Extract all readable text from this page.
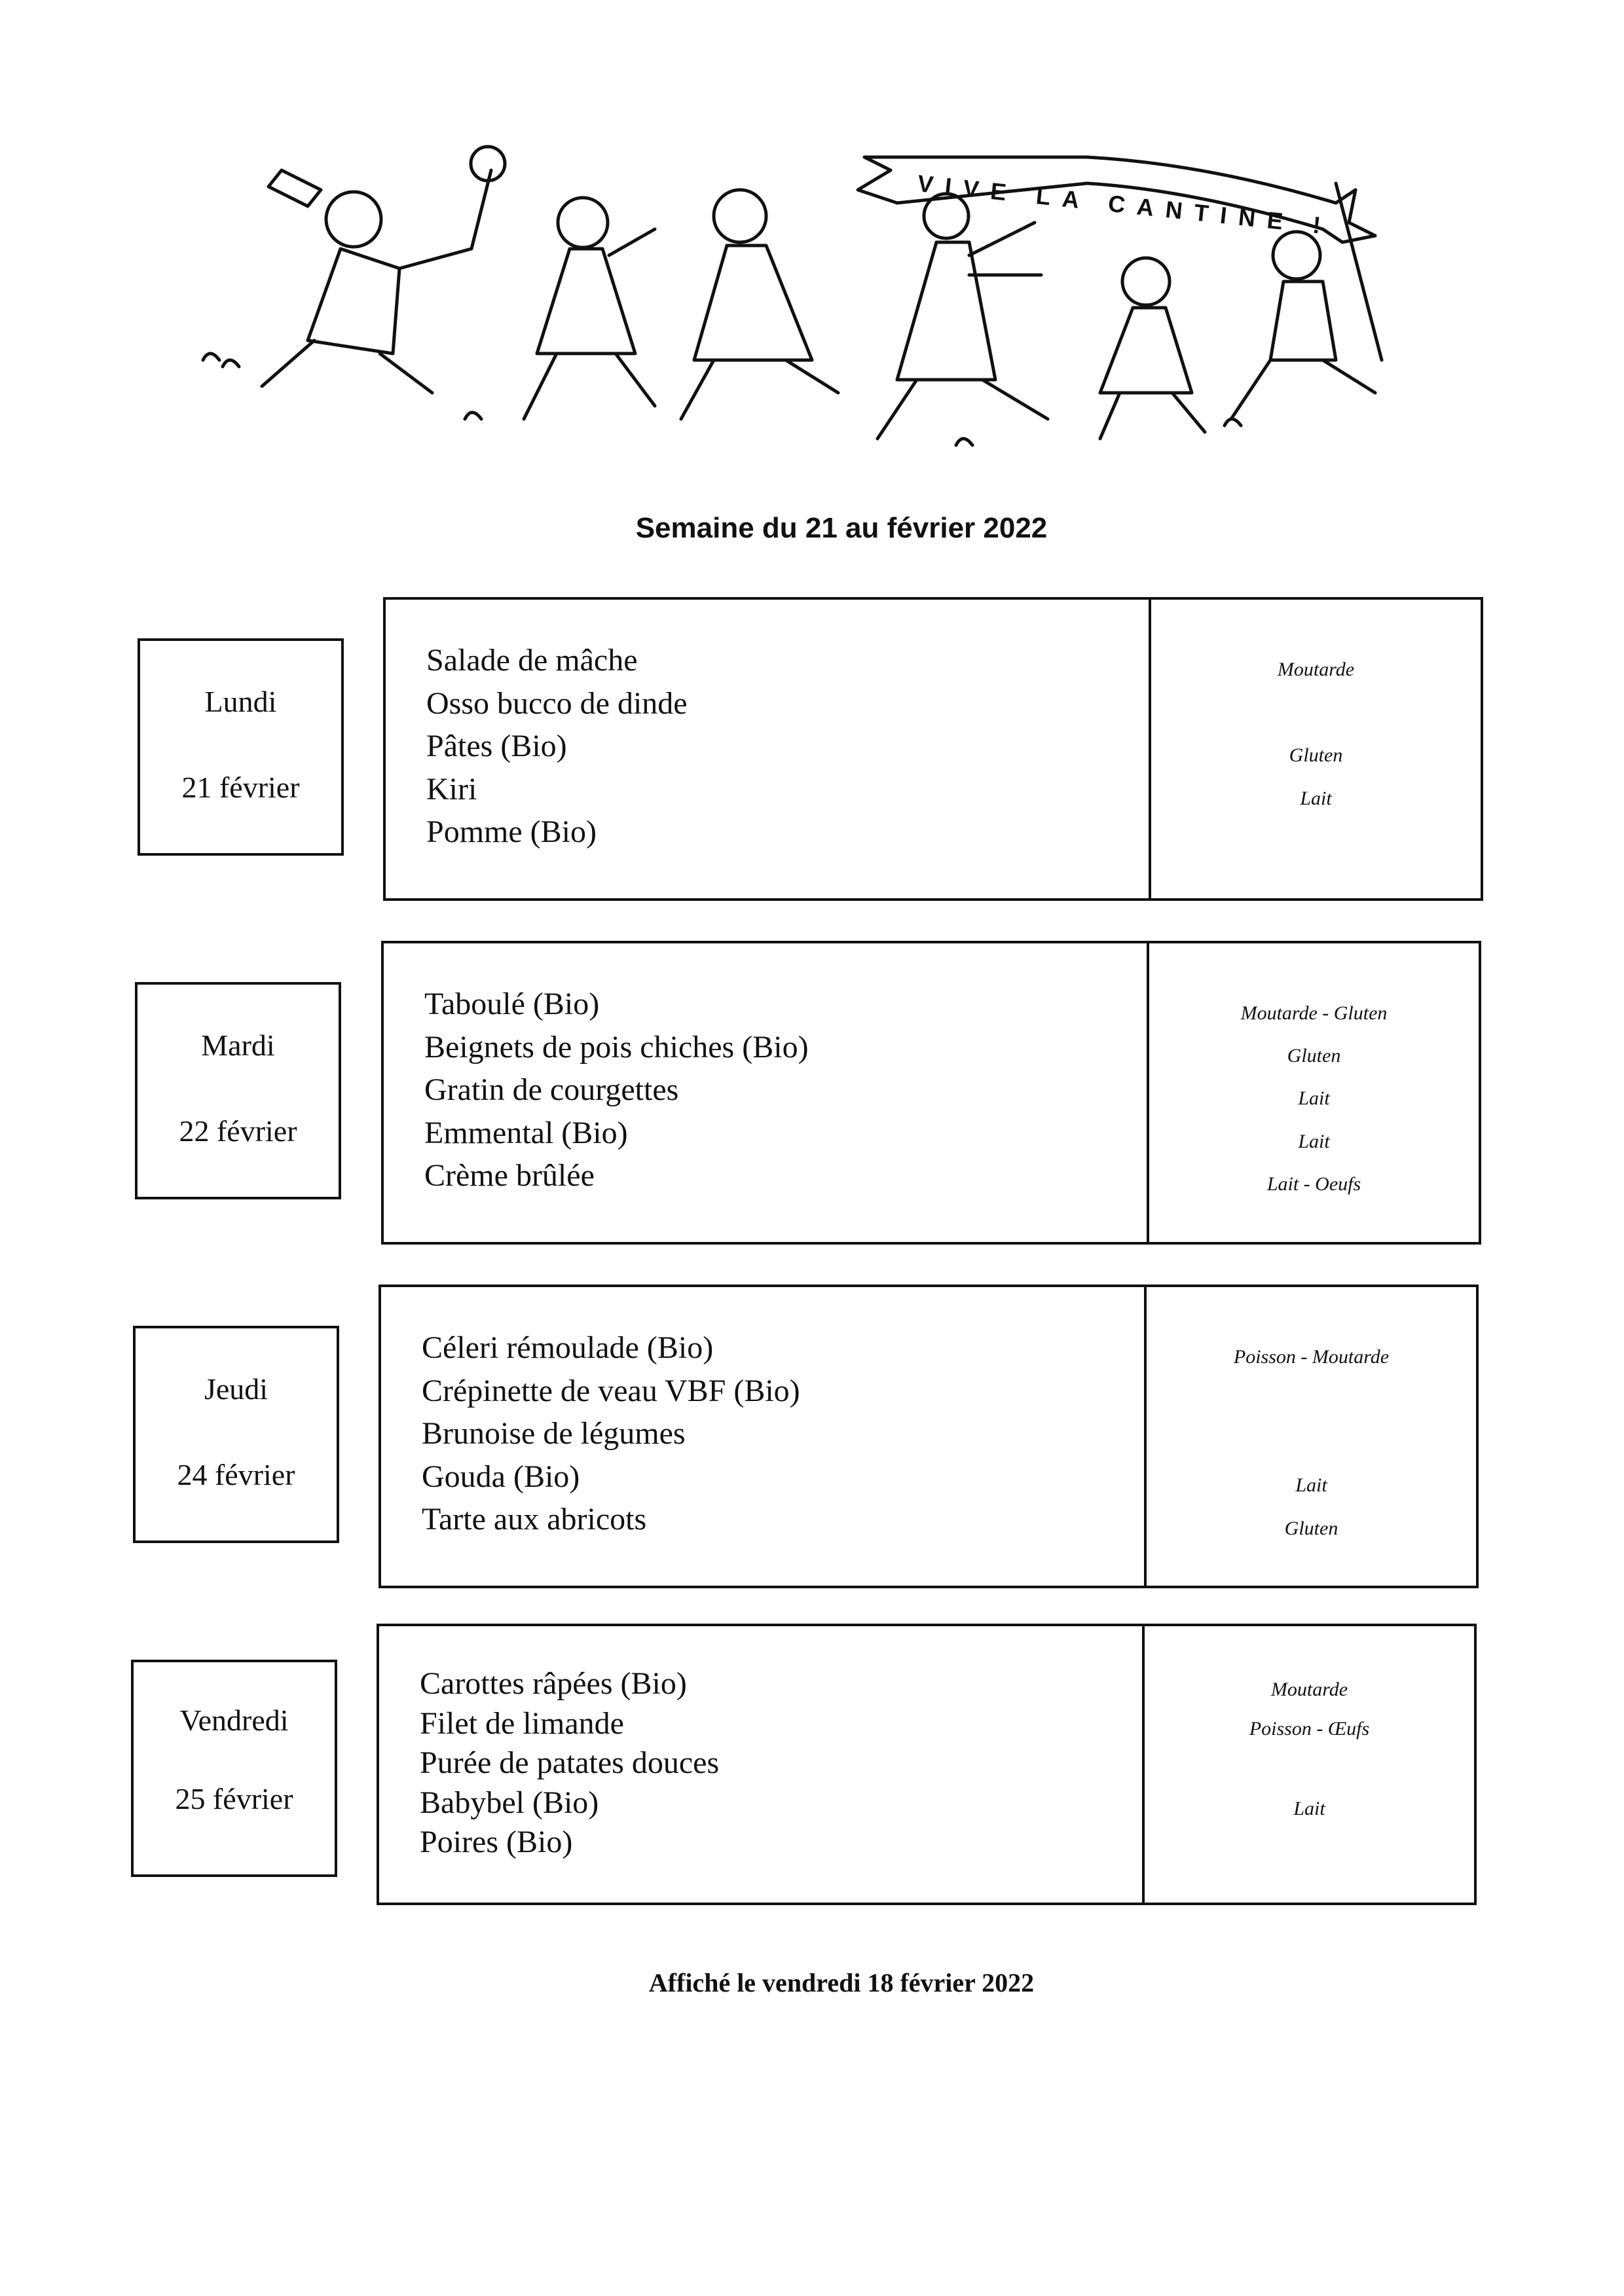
VIVE LA CANTINE !
Semaine du 21 au février 2022
Lundi
21 février
Salade de mâche
Osso bucco de dinde
Pâtes (Bio)
Kiri
Pomme (Bio)
Moutarde
Gluten
Lait
Mardi
22 février
Taboulé (Bio)
Beignets de pois chiches (Bio)
Gratin de courgettes
Emmental (Bio)
Crème brûlée
Moutarde - Gluten
Gluten
Lait
Lait
Lait - Oeufs
Jeudi
24 février
Céleri rémoulade (Bio)
Crépinette de veau VBF (Bio)
Brunoise de légumes
Gouda (Bio)
Tarte aux abricots
Poisson - Moutarde
Lait
Gluten
Vendredi
25 février
Carottes râpées (Bio)
Filet de limande
Purée de patates douces
Babybel (Bio)
Poires (Bio)
Moutarde
Poisson - Œufs
Lait
Affiché le vendredi 18 février 2022
